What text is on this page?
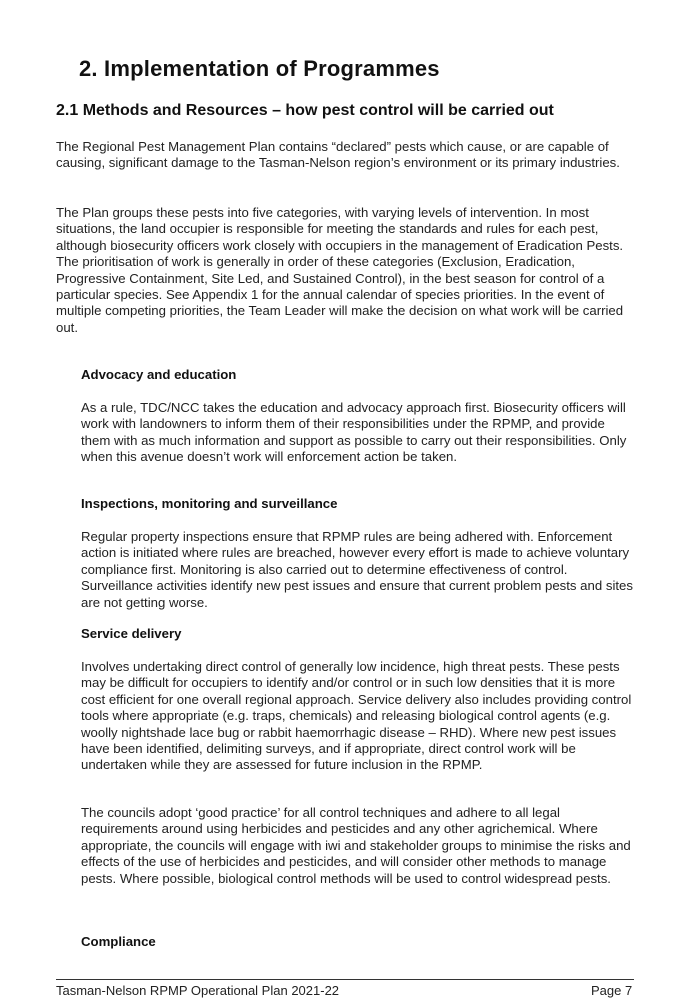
2. Implementation of Programmes
2.1 Methods and Resources – how pest control will be carried out

The Regional Pest Management Plan contains “declared” pests which cause, or are capable of causing, significant damage to the Tasman-Nelson region’s environment or its primary industries.

The Plan groups these pests into five categories, with varying levels of intervention. In most situations, the land occupier is responsible for meeting the standards and rules for each pest, although biosecurity officers work closely with occupiers in the management of Eradication Pests. The prioritisation of work is generally in order of these categories (Exclusion, Eradication, Progressive Containment, Site Led, and Sustained Control), in the best season for control of a particular species. See Appendix 1 for the annual calendar of species priorities. In the event of multiple competing priorities, the Team Leader will make the decision on what work will be carried out.

Advocacy and education

As a rule, TDC/NCC takes the education and advocacy approach first. Biosecurity officers will work with landowners to inform them of their responsibilities under the RPMP, and provide them with as much information and support as possible to carry out their responsibilities. Only when this avenue doesn’t work will enforcement action be taken.

Inspections, monitoring and surveillance

Regular property inspections ensure that RPMP rules are being adhered with. Enforcement action is initiated where rules are breached, however every effort is made to achieve voluntary compliance first. Monitoring is also carried out to determine effectiveness of control. Surveillance activities identify new pest issues and ensure that current problem pests and sites are not getting worse.

Service delivery

Involves undertaking direct control of generally low incidence, high threat pests. These pests may be difficult for occupiers to identify and/or control or in such low densities that it is more cost efficient for one overall regional approach. Service delivery also includes providing control tools where appropriate (e.g. traps, chemicals) and releasing biological control agents (e.g. woolly nightshade lace bug or rabbit haemorrhagic disease – RHD). Where new pest issues have been identified, delimiting surveys, and if appropriate, direct control work will be undertaken while they are assessed for future inclusion in the RPMP.

The councils adopt ‘good practice’ for all control techniques and adhere to all legal requirements around using herbicides and pesticides and any other agrichemical. Where appropriate, the councils will engage with iwi and stakeholder groups to minimise the risks and effects of the use of herbicides and pesticides, and will consider other methods to manage pests. Where possible, biological control methods will be used to control widespread pests.

Compliance
Tasman-Nelson RPMP Operational Plan 2021-22	Page 7
